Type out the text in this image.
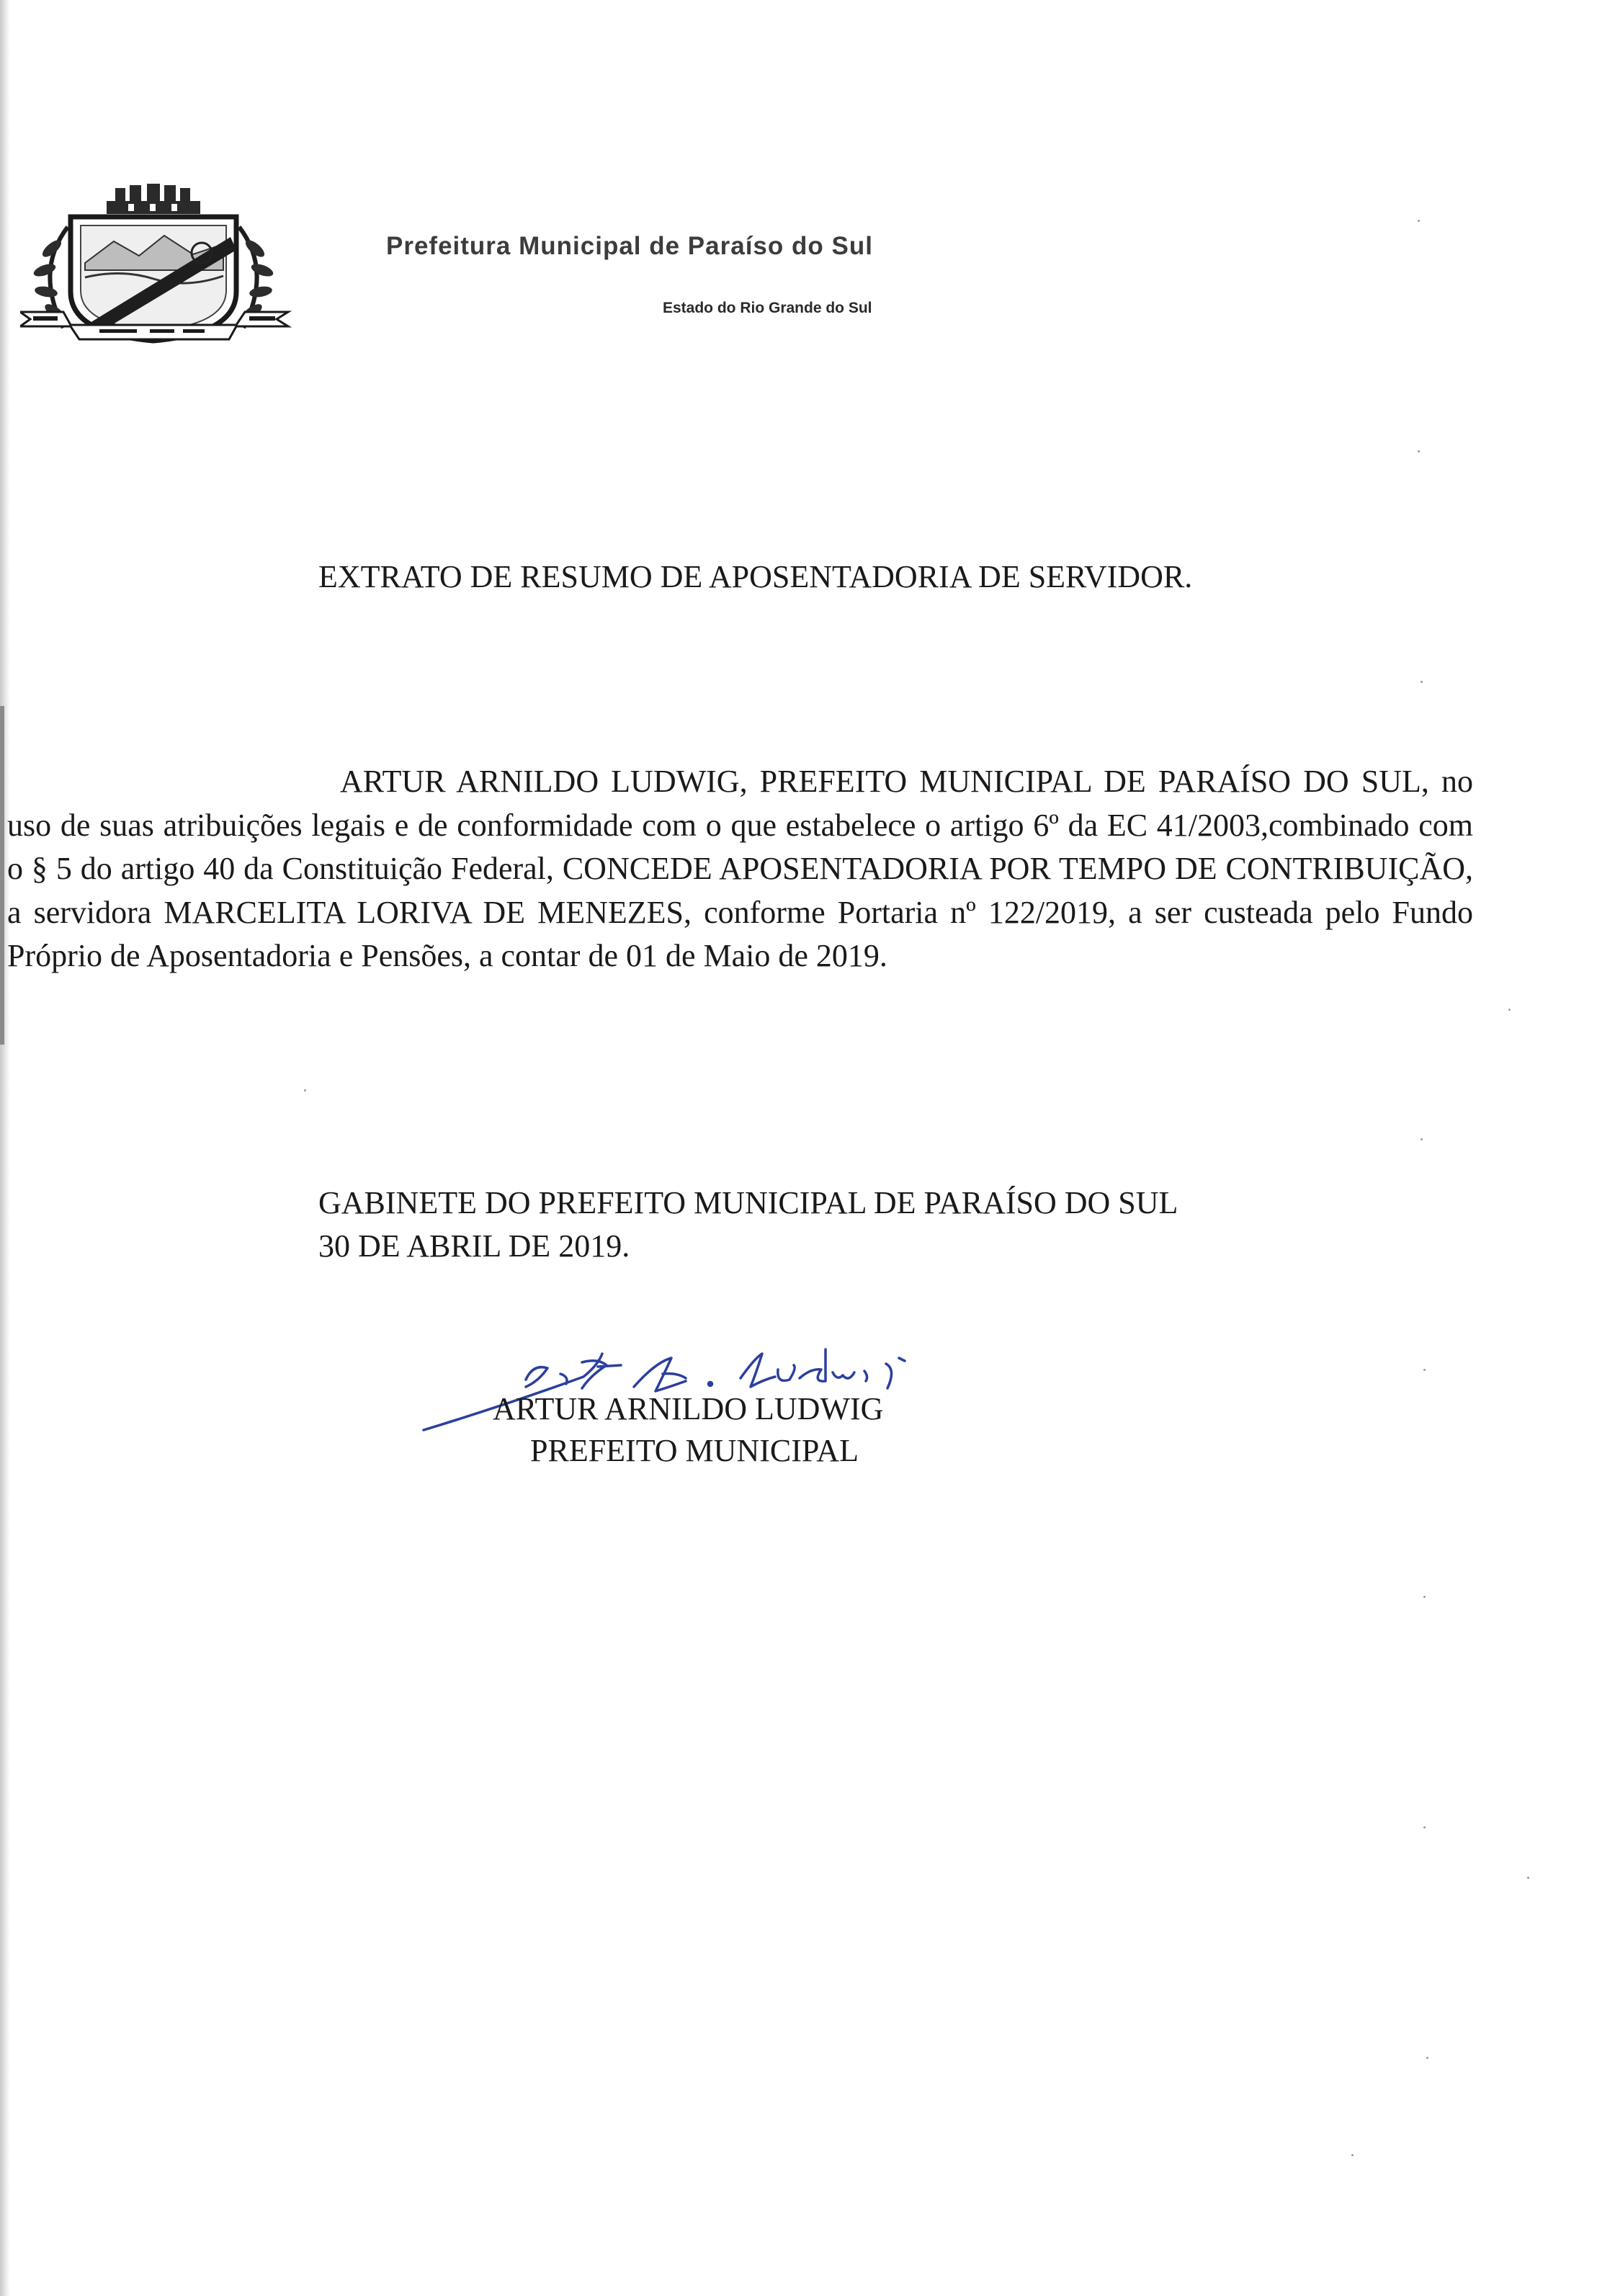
Prefeitura Municipal de Paraíso do Sul
Estado do Rio Grande do Sul
EXTRATO DE RESUMO DE APOSENTADORIA DE SERVIDOR.
ARTUR ARNILDO LUDWIG, PREFEITO MUNICIPAL DE PARAÍSO DO SUL, no uso de suas atribuições legais e de conformidade com o que estabelece o artigo 6º da EC 41/2003,combinado com o § 5 do artigo 40 da Constituição Federal, CONCEDE APOSENTADORIA POR TEMPO DE CONTRIBUIÇÃO, a servidora MARCELITA LORIVA DE MENEZES, conforme Portaria nº 122/2019, a ser custeada pelo Fundo Próprio de Aposentadoria e Pensões, a contar de 01 de Maio de 2019.
GABINETE DO PREFEITO MUNICIPAL DE PARAÍSO DO SUL
30 DE ABRIL DE 2019.
ARTUR ARNILDO LUDWIG
PREFEITO MUNICIPAL
